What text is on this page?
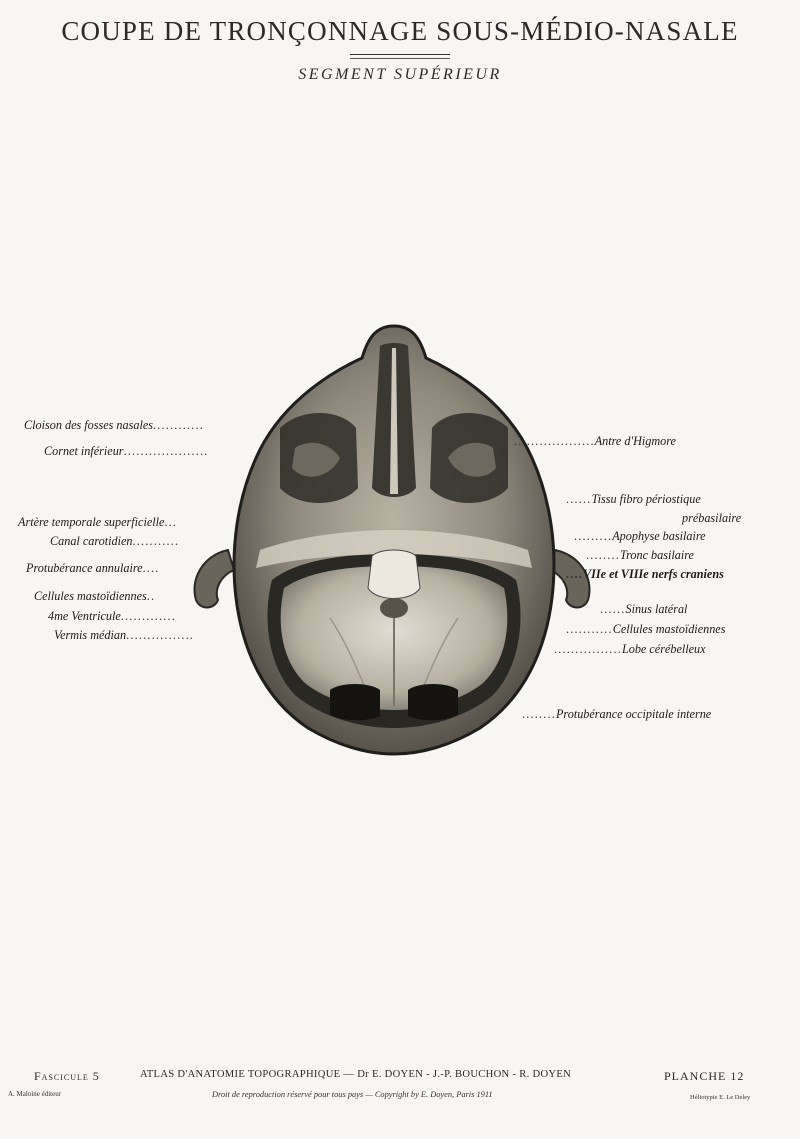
COUPE DE TRONÇONNAGE SOUS-MÉDIO-NASALE
SEGMENT SUPÉRIEUR
Cloison des fosses nasales............
Cornet inférieur....................
Artère temporale superficielle...
Canal carotidien...........
Protubérance annulaire....
Cellules mastoïdiennes..
4me Ventricule.............
Vermis médian................
...................Antre d'Higmore
......Tissu fibro périostique
prébasilaire
.........Apophyse basilaire
........Tronc basilaire
....VIIe et VIIIe nerfs craniens
......Sinus latéral
...........Cellules mastoïdiennes
................Lobe cérébelleux
........Protubérance occipitale interne
Fascicule 5	ATLAS D'ANATOMIE TOPOGRAPHIQUE — Dr E. DOYEN - J.-P. BOUCHON - R. DOYEN	PLANCHE 12
A. Maloine éditeur	Droit de reproduction réservé pour tous pays — Copyright by E. Doyen, Paris 1911	Héliotypie E. Le Deley
